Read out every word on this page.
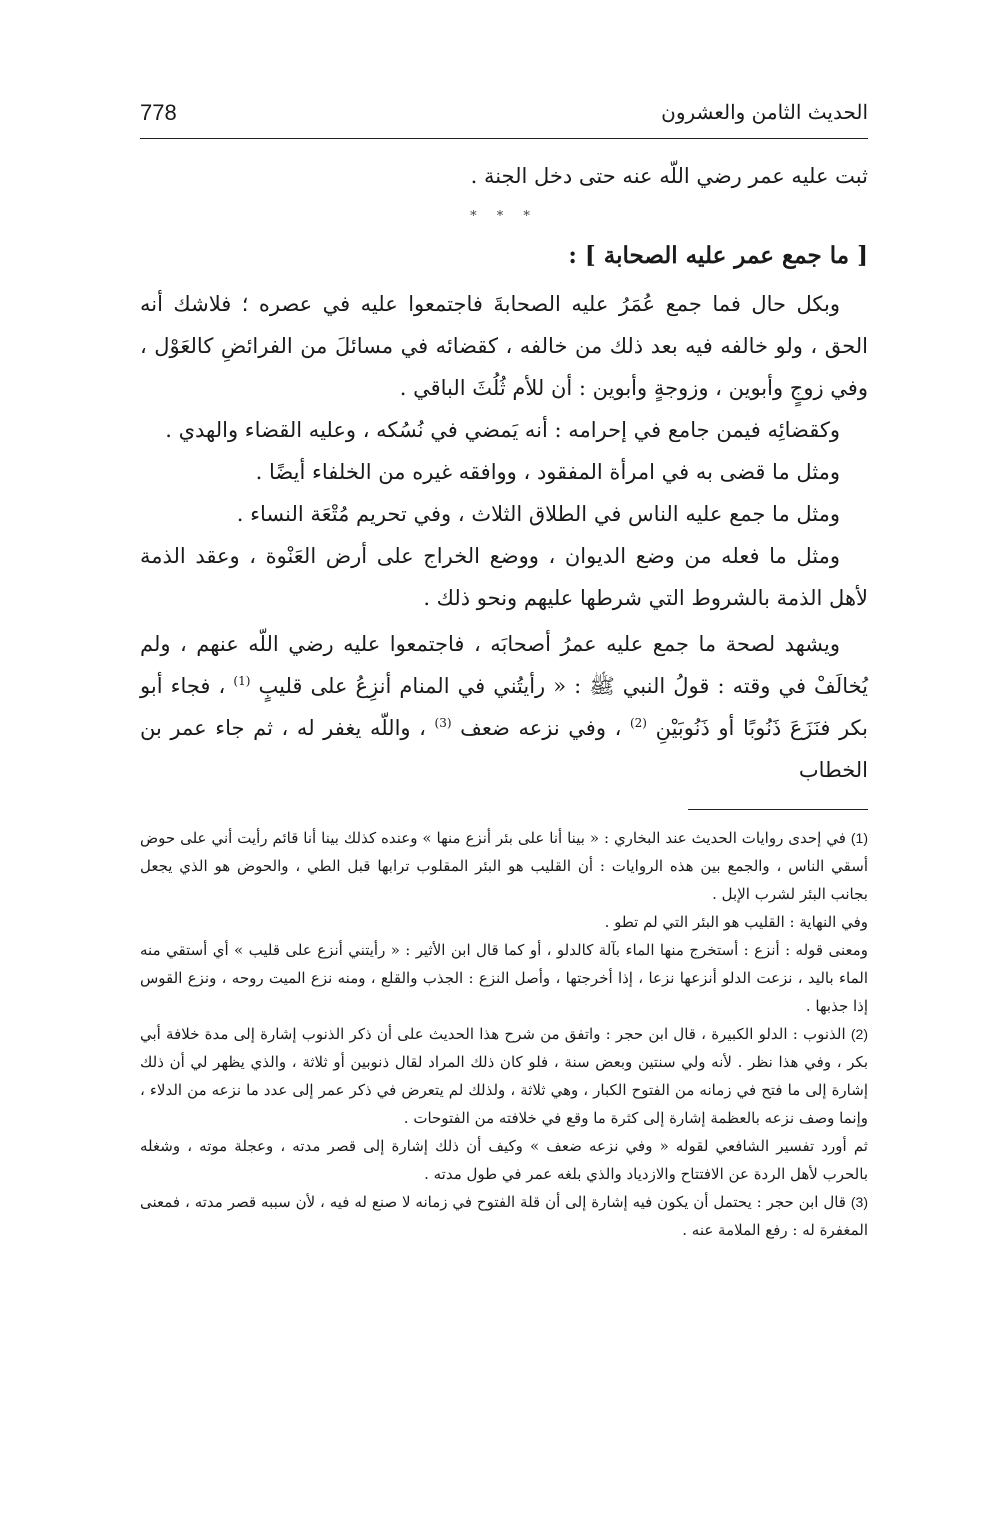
الحديث الثامن والعشرون
778

ثبت عليه عمر رضي اللّه عنه حتى دخل الجنة .

* * *

[ ما جمع عمر عليه الصحابة ] :

وبكل حال فما جمع عُمَرُ عليه الصحابةَ فاجتمعوا عليه في عصره ؛ فلاشك أنه الحق ، ولو خالفه فيه بعد ذلك من خالفه ، كقضائه في مسائلَ من الفرائضِ كالعَوْل ، وفي زوجٍ وأبوين ، وزوجةٍ وأبوين : أن للأم ثُلُثَ الباقي .

وكقضائِه فيمن جامع في إحرامه : أنه يَمضي في نُسُكه ، وعليه القضاء والهدي .

ومثل ما قضى به في امرأة المفقود ، ووافقه غيره من الخلفاء أيضًا .

ومثل ما جمع عليه الناس في الطلاق الثلاث ، وفي تحريم مُتْعَة النساء .

ومثل ما فعله من وضع الديوان ، ووضع الخراج على أرض العَنْوة ، وعقد الذمة لأهل الذمة بالشروط التي شرطها عليهم ونحو ذلك .

ويشهد لصحة ما جمع عليه عمرُ أصحابَه ، فاجتمعوا عليه رضي اللّه عنهم ، ولم يُخالَفْ في وقته : قولُ النبي ﷺ : « رأيتُني في المنام أنزِعُ على قليبٍ $^{(1)}$ ، فجاء أبو بكر فنَزَعَ ذَنُوبًا أو ذَنُوبَيْنِ $^{(2)}$ ، وفي نزعه ضعف $^{(3)}$ ، واللّه يغفر له ، ثم جاء عمر بن الخطاب

(1) في إحدى روايات الحديث عند البخاري : « بينا أنا على بئر أنزع منها » وعنده كذلك بينا أنا قائم رأيت أني على حوض أسقي الناس ، والجمع بين هذه الروايات : أن القليب هو البئر المقلوب ترابها قبل الطي ، والحوض هو الذي يجعل بجانب البئر لشرب الإبل .

وفي النهاية : القليب هو البئر التي لم تطو .

ومعنى قوله : أنزع : أستخرج منها الماء بآلة كالدلو ، أو كما قال ابن الأثير : « رأيتني أنزع على قليب » أي أستقي منه الماء باليد ، نزعت الدلو أنزعها نزعا ، إذا أخرجتها ، وأصل النزع : الجذب والقلع ، ومنه نزع الميت روحه ، ونزع القوس إذا جذبها .

(2) الذنوب : الدلو الكبيرة ، قال ابن حجر : واتفق من شرح هذا الحديث على أن ذكر الذنوب إشارة إلى مدة خلافة أبي بكر ، وفي هذا نظر . لأنه ولي سنتين وبعض سنة ، فلو كان ذلك المراد لقال ذنوبين أو ثلاثة ، والذي يظهر لي أن ذلك إشارة إلى ما فتح في زمانه من الفتوح الكبار ، وهي ثلاثة ، ولذلك لم يتعرض في ذكر عمر إلى عدد ما نزعه من الدلاء ، وإنما وصف نزعه بالعظمة إشارة إلى كثرة ما وقع في خلافته من الفتوحات .

ثم أورد تفسير الشافعي لقوله « وفي نزعه ضعف » وكيف أن ذلك إشارة إلى قصر مدته ، وعجلة موته ، وشغله بالحرب لأهل الردة عن الافتتاح والازدياد والذي بلغه عمر في طول مدته .

(3) قال ابن حجر : يحتمل أن يكون فيه إشارة إلى أن قلة الفتوح في زمانه لا صنع له فيه ، لأن سببه قصر مدته ، فمعنى المغفرة له : رفع الملامة عنه .
